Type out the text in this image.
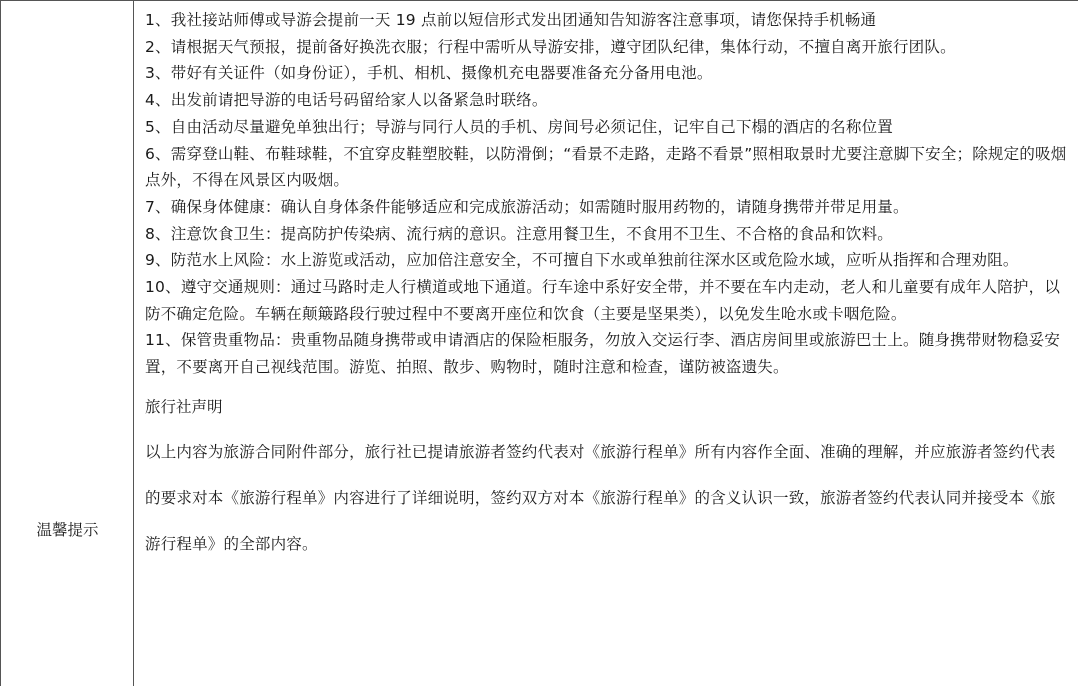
温馨提示

1、我社接站师傅或导游会提前一天 19 点前以短信形式发出团通知告知游客注意事项，请您保持手机畅通

2、请根据天气预报，提前备好换洗衣服；行程中需听从导游安排，遵守团队纪律，集体行动，不擅自离开旅行团队。

3、带好有关证件（如身份证），手机、相机、摄像机充电器要准备充分备用电池。

4、出发前请把导游的电话号码留给家人以备紧急时联络。

5、自由活动尽量避免单独出行；导游与同行人员的手机、房间号必须记住，记牢自己下榻的酒店的名称位置

6、需穿登山鞋、布鞋球鞋，不宜穿皮鞋塑胶鞋，以防滑倒；“看景不走路，走路不看景”照相取景时尤要注意脚下安全；除规定的吸烟点外，不得在风景区内吸烟。

7、确保身体健康：确认自身体条件能够适应和完成旅游活动；如需随时服用药物的，请随身携带并带足用量。

8、注意饮食卫生：提高防护传染病、流行病的意识。注意用餐卫生，不食用不卫生、不合格的食品和饮料。

9、防范水上风险：水上游览或活动，应加倍注意安全，不可擅自下水或单独前往深水区或危险水域，应听从指挥和合理劝阻。

10、遵守交通规则：通过马路时走人行横道或地下通道。行车途中系好安全带，并不要在车内走动，老人和儿童要有成年人陪护，以防不确定危险。车辆在颠簸路段行驶过程中不要离开座位和饮食（主要是坚果类），以免发生呛水或卡咽危险。

11、保管贵重物品：贵重物品随身携带或申请酒店的保险柜服务，勿放入交运行李、酒店房间里或旅游巴士上。随身携带财物稳妥安置，不要离开自己视线范围。游览、拍照、散步、购物时，随时注意和检查，谨防被盗遗失。

旅行社声明

以上内容为旅游合同附件部分，旅行社已提请旅游者签约代表对《旅游行程单》所有内容作全面、准确的理解，并应旅游者签约代表的要求对本《旅游行程单》内容进行了详细说明，签约双方对本《旅游行程单》的含义认识一致，旅游者签约代表认同并接受本《旅游行程单》的全部内容。
